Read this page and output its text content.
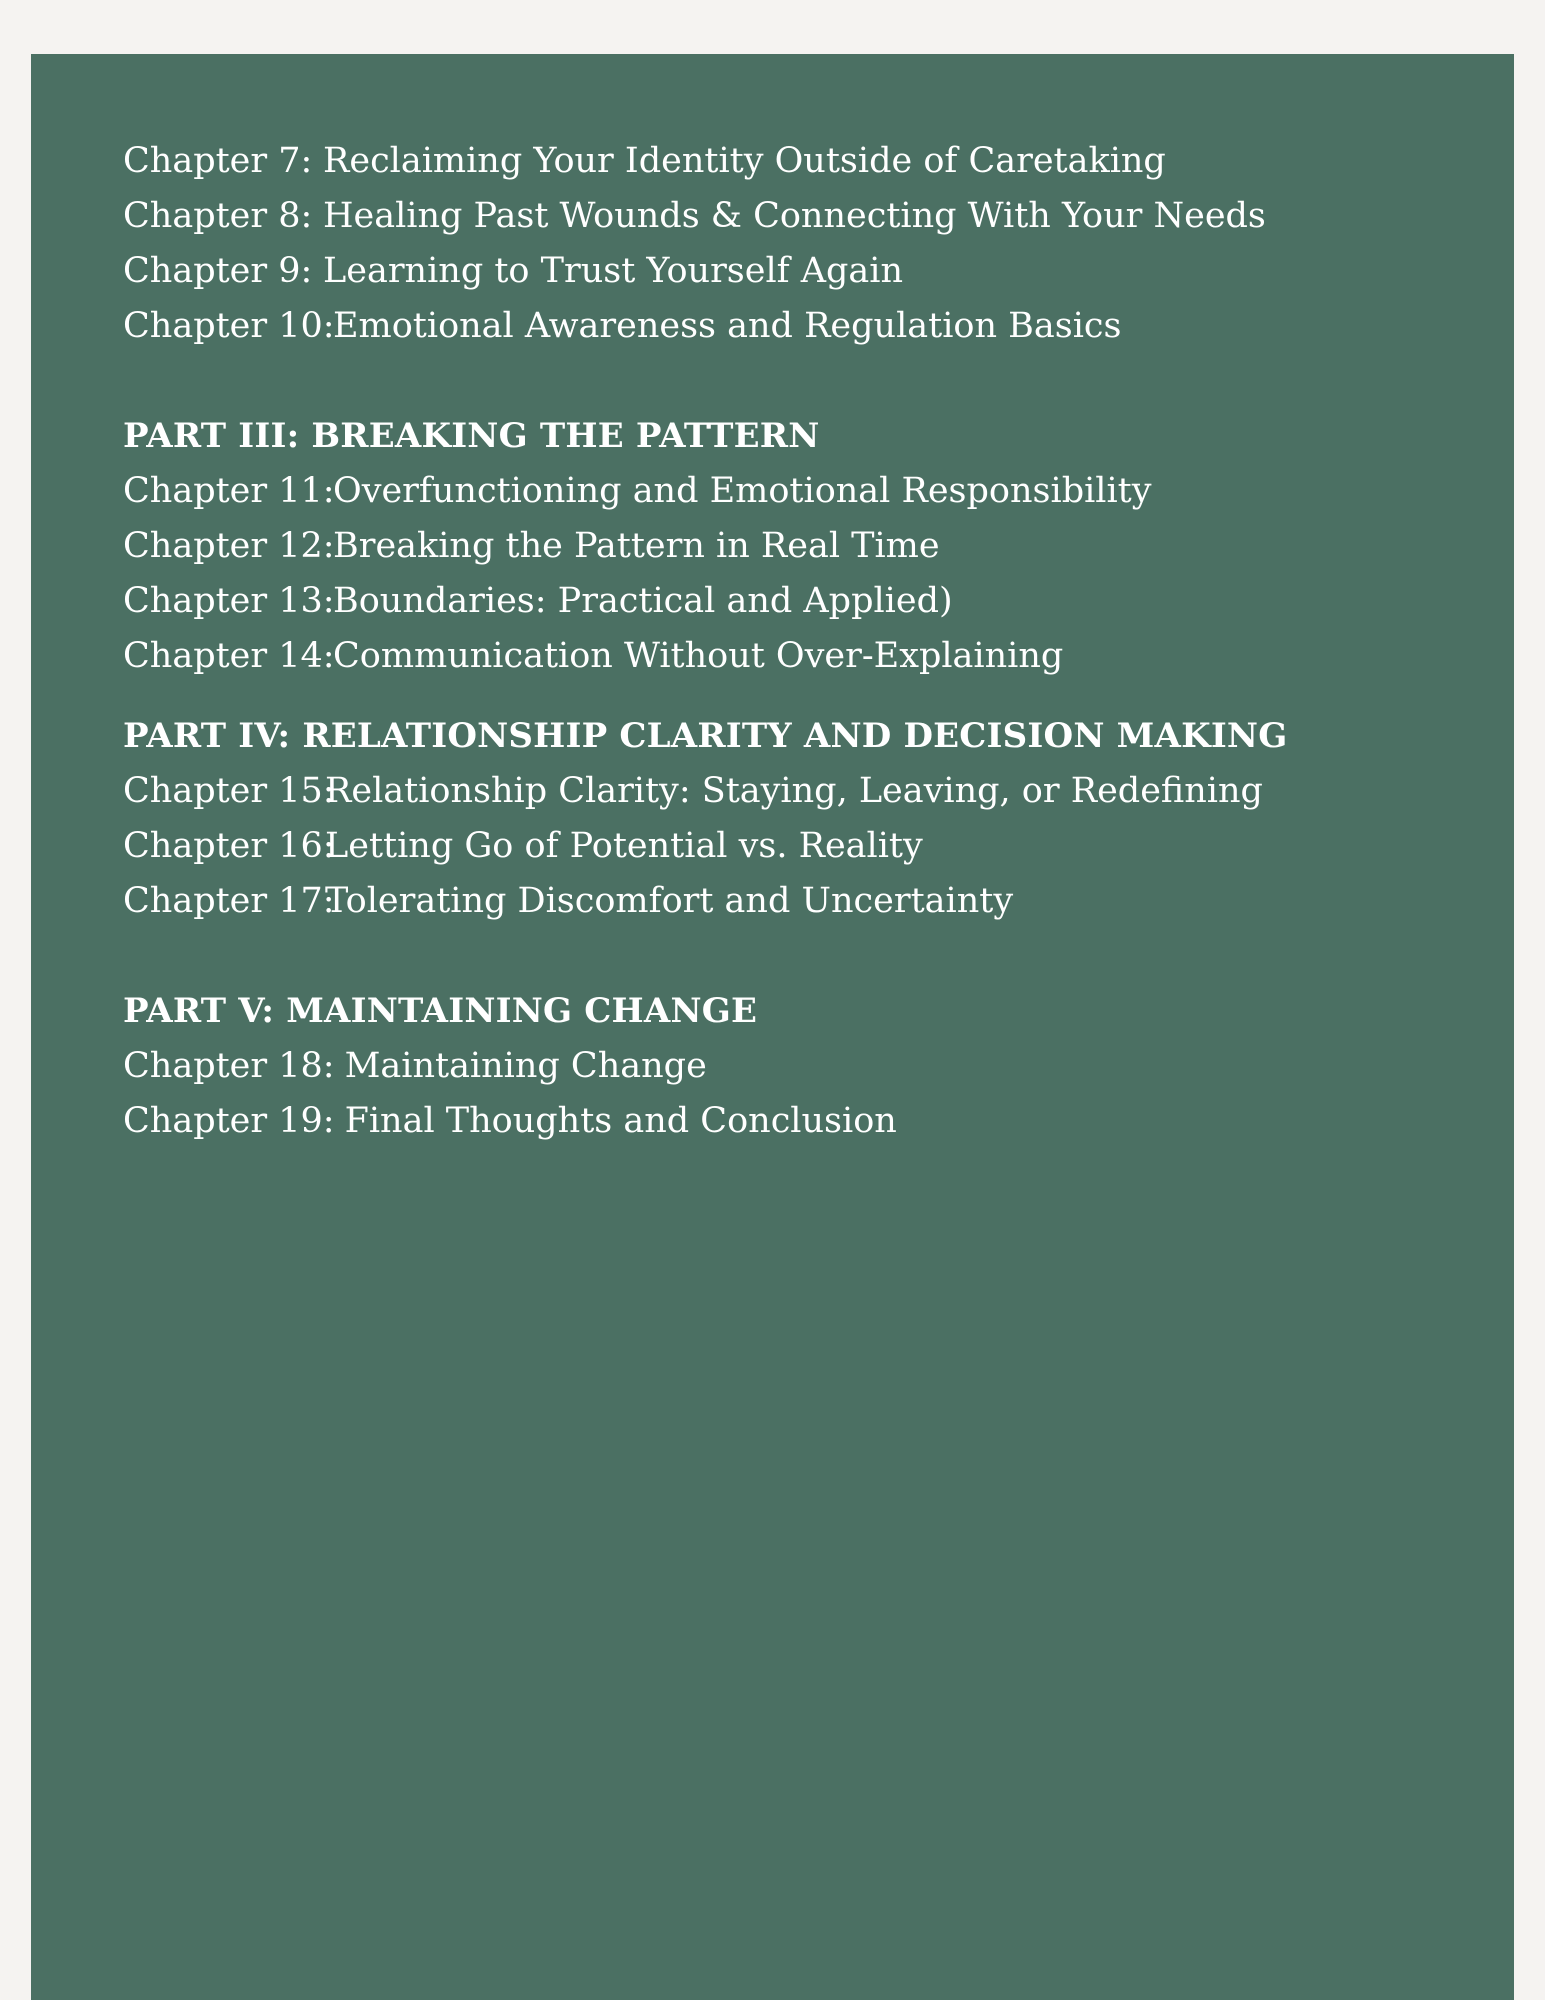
Chapter 7: Reclaiming Your Identity Outside of Caretaking
Chapter 8: Healing Past Wounds & Connecting With Your Needs
Chapter 9: Learning to Trust Yourself Again
Chapter 10:
Emotional Awareness and Regulation Basics
PART III: BREAKING THE PATTERN
Chapter 11:
Overfunctioning and Emotional Responsibility
Chapter 12:
Breaking the Pattern in Real Time
Chapter 13:
Boundaries: Practical and Applied)
Chapter 14:
Communication Without Over-Explaining
PART IV: RELATIONSHIP CLARITY AND DECISION MAKING
Chapter 15:
Relationship Clarity: Staying, Leaving, or Redefining
Chapter 16:
Letting Go of Potential vs. Reality
Chapter 17:
Tolerating Discomfort and Uncertainty
PART V: MAINTAINING CHANGE
Chapter 18: Maintaining Change
Chapter 19: Final Thoughts and Conclusion
